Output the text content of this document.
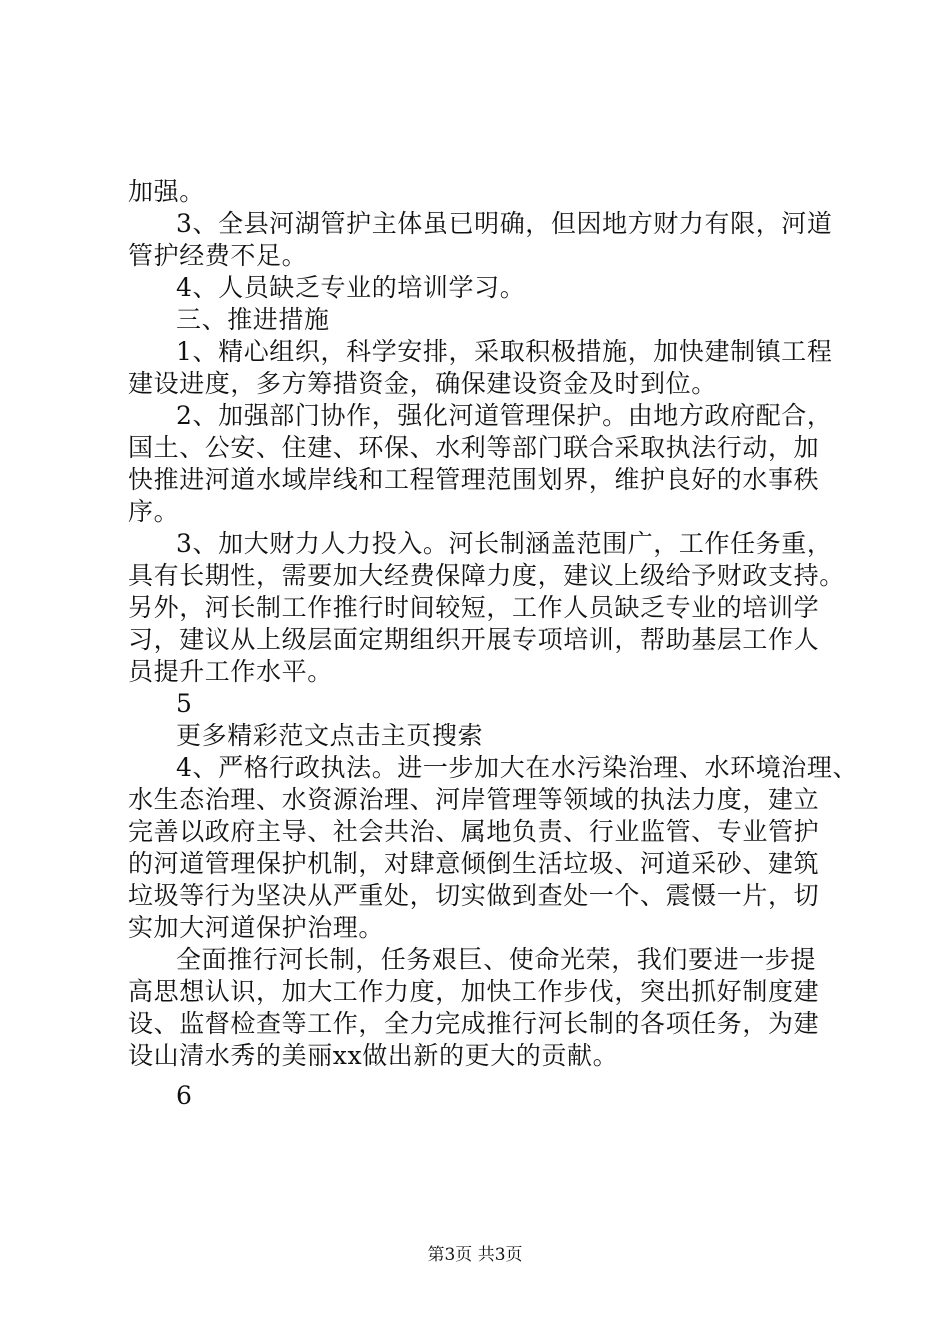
加强。
3、全县河湖管护主体虽已明确，但因地方财力有限，河道
管护经费不足。
4、人员缺乏专业的培训学习。
三、推进措施
1、精心组织，科学安排，采取积极措施，加快建制镇工程
建设进度，多方筹措资金，确保建设资金及时到位。
2、加强部门协作，强化河道管理保护。由地方政府配合，
国土、公安、住建、环保、水利等部门联合采取执法行动，加
快推进河道水域岸线和工程管理范围划界，维护良好的水事秩
序。
3、加大财力人力投入。河长制涵盖范围广，工作任务重，
具有长期性，需要加大经费保障力度，建议上级给予财政支持。
另外，河长制工作推行时间较短，工作人员缺乏专业的培训学
习，建议从上级层面定期组织开展专项培训，帮助基层工作人
员提升工作水平。
5
更多精彩范文点击主页搜索
4、严格行政执法。进一步加大在水污染治理、水环境治理、
水生态治理、水资源治理、河岸管理等领域的执法力度，建立
完善以政府主导、社会共治、属地负责、行业监管、专业管护
的河道管理保护机制，对肆意倾倒生活垃圾、河道采砂、建筑
垃圾等行为坚决从严重处，切实做到查处一个、震慑一片，切
实加大河道保护治理。
全面推行河长制，任务艰巨、使命光荣，我们要进一步提
高思想认识，加大工作力度，加快工作步伐，突出抓好制度建
设、监督检查等工作，全力完成推行河长制的各项任务，为建
设山清水秀的美丽xx做出新的更大的贡献。
6
第3页 共3页
